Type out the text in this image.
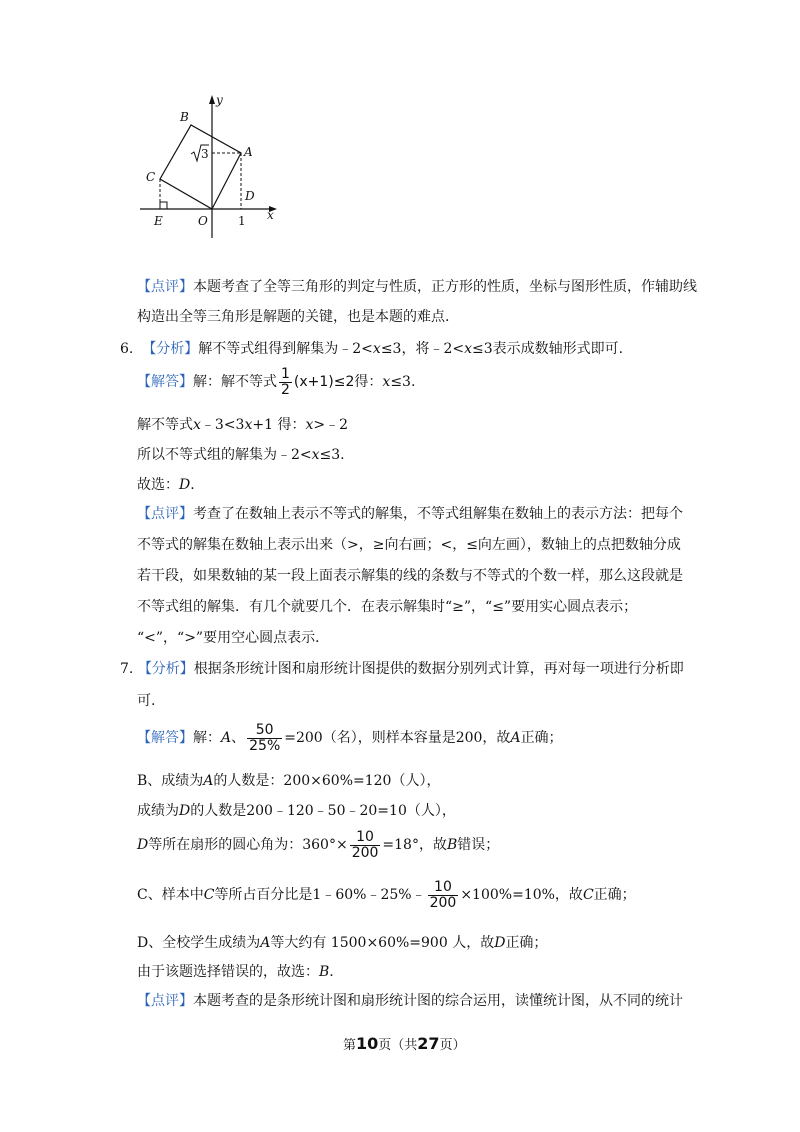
y
x
B
A
C
D
E	O	1
3
【点评】本题考查了全等三角形的判定与性质，正方形的性质，坐标与图形性质，作辅助线
构造出全等三角形是解题的关键，也是本题的难点.
6. 【分析】解不等式组得到解集为﹣2<x≤3，将﹣2<x≤3表示成数轴形式即可.
【解答】解：解不等式 $\frac{1}{2} (x+1)\le 2$得：x≤3.
解不等式x﹣3<3x+1 得：x>﹣2
所以不等式组的解集为﹣2<x≤3.
故选：D.
【点评】考查了在数轴上表示不等式的解集，不等式组解集在数轴上的表示方法：把每个
不等式的解集在数轴上表示出来（>，≥向右画；<，≤向左画），数轴上的点把数轴分成
若干段，如果数轴的某一段上面表示解集的线的条数与不等式的个数一样，那么这段就是
不等式组的解集．有几个就要几个．在表示解集时“≥”，“≤”要用实心圆点表示；
“<”，“>”要用空心圆点表示．
7. 【分析】根据条形统计图和扇形统计图提供的数据分别列式计算，再对每一项进行分析即
可.
【解答】解：A、 $\frac{50}{25\%} =200$（名），则样本容量是200，故A正确；
B、成绩为A的人数是：200×60%=120（人），
成绩为D的人数是200﹣120﹣50﹣20=10（人），
D等所在扇形的圆心角为：$360^\circ\times \frac{10}{200} =18^\circ$，故B错误；
C、样本中C等所占百分比是1﹣60%﹣25%﹣ $\frac{10}{200} \times 100\%=10\%$，故C正确；
D、全校学生成绩为A等大约有 1500×60%=900 人，故D正确；
由于该题选择错误的，故选：B.
【点评】本题考查的是条形统计图和扇形统计图的综合运用，读懂统计图，从不同的统计
第10页（共27页）
